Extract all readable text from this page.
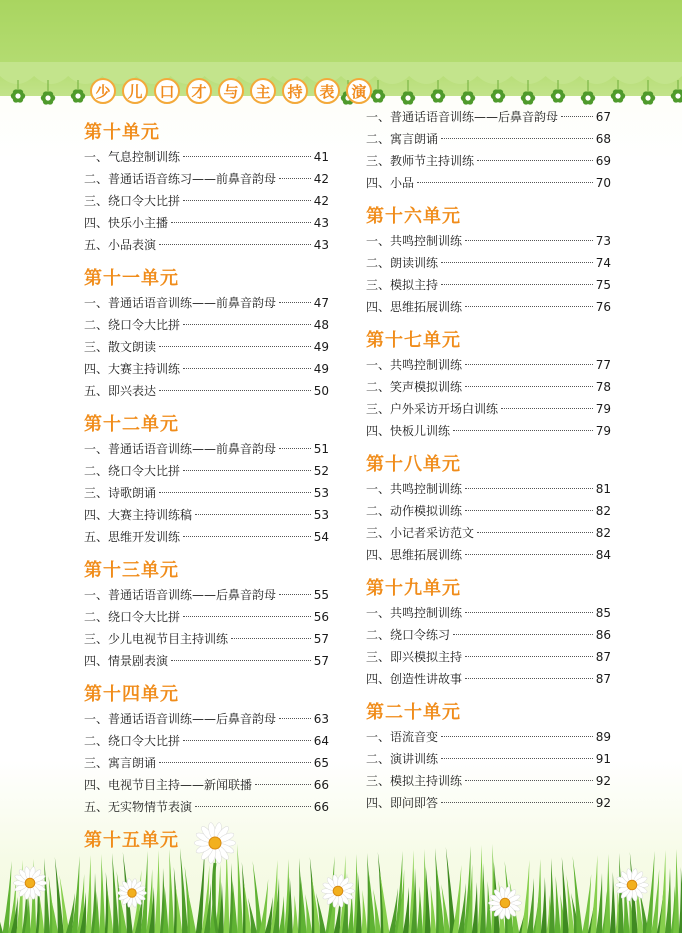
少	儿	口	才	与	主	持	表	演
第十单元
一、气息控制训练	41
二、普通话语音练习——前鼻音韵母	42
三、绕口令大比拼	42
四、快乐小主播	43
五、小品表演	43
第十一单元
一、普通话语音训练——前鼻音韵母	47
二、绕口令大比拼	48
三、散文朗读	49
四、大赛主持训练	49
五、即兴表达	50
第十二单元
一、普通话语音训练——前鼻音韵母	51
二、绕口令大比拼	52
三、诗歌朗诵	53
四、大赛主持训练稿	53
五、思维开发训练	54
第十三单元
一、普通话语音训练——后鼻音韵母	55
二、绕口令大比拼	56
三、少儿电视节目主持训练	57
四、情景剧表演	57
第十四单元
一、普通话语音训练——后鼻音韵母	63
二、绕口令大比拼	64
三、寓言朗诵	65
四、电视节目主持——新闻联播	66
五、无实物情节表演	66
第十五单元
一、普通话语音训练——后鼻音韵母	67
二、寓言朗诵	68
三、教师节主持训练	69
四、小品	70
第十六单元
一、共鸣控制训练	73
二、朗读训练	74
三、模拟主持	75
四、思维拓展训练	76
第十七单元
一、共鸣控制训练	77
二、笑声模拟训练	78
三、户外采访开场白训练	79
四、快板儿训练	79
第十八单元
一、共鸣控制训练	81
二、动作模拟训练	82
三、小记者采访范文	82
四、思维拓展训练	84
第十九单元
一、共鸣控制训练	85
二、绕口令练习	86
三、即兴模拟主持	87
四、创造性讲故事	87
第二十单元
一、语流音变	89
二、演讲训练	91
三、模拟主持训练	92
四、即问即答	92
